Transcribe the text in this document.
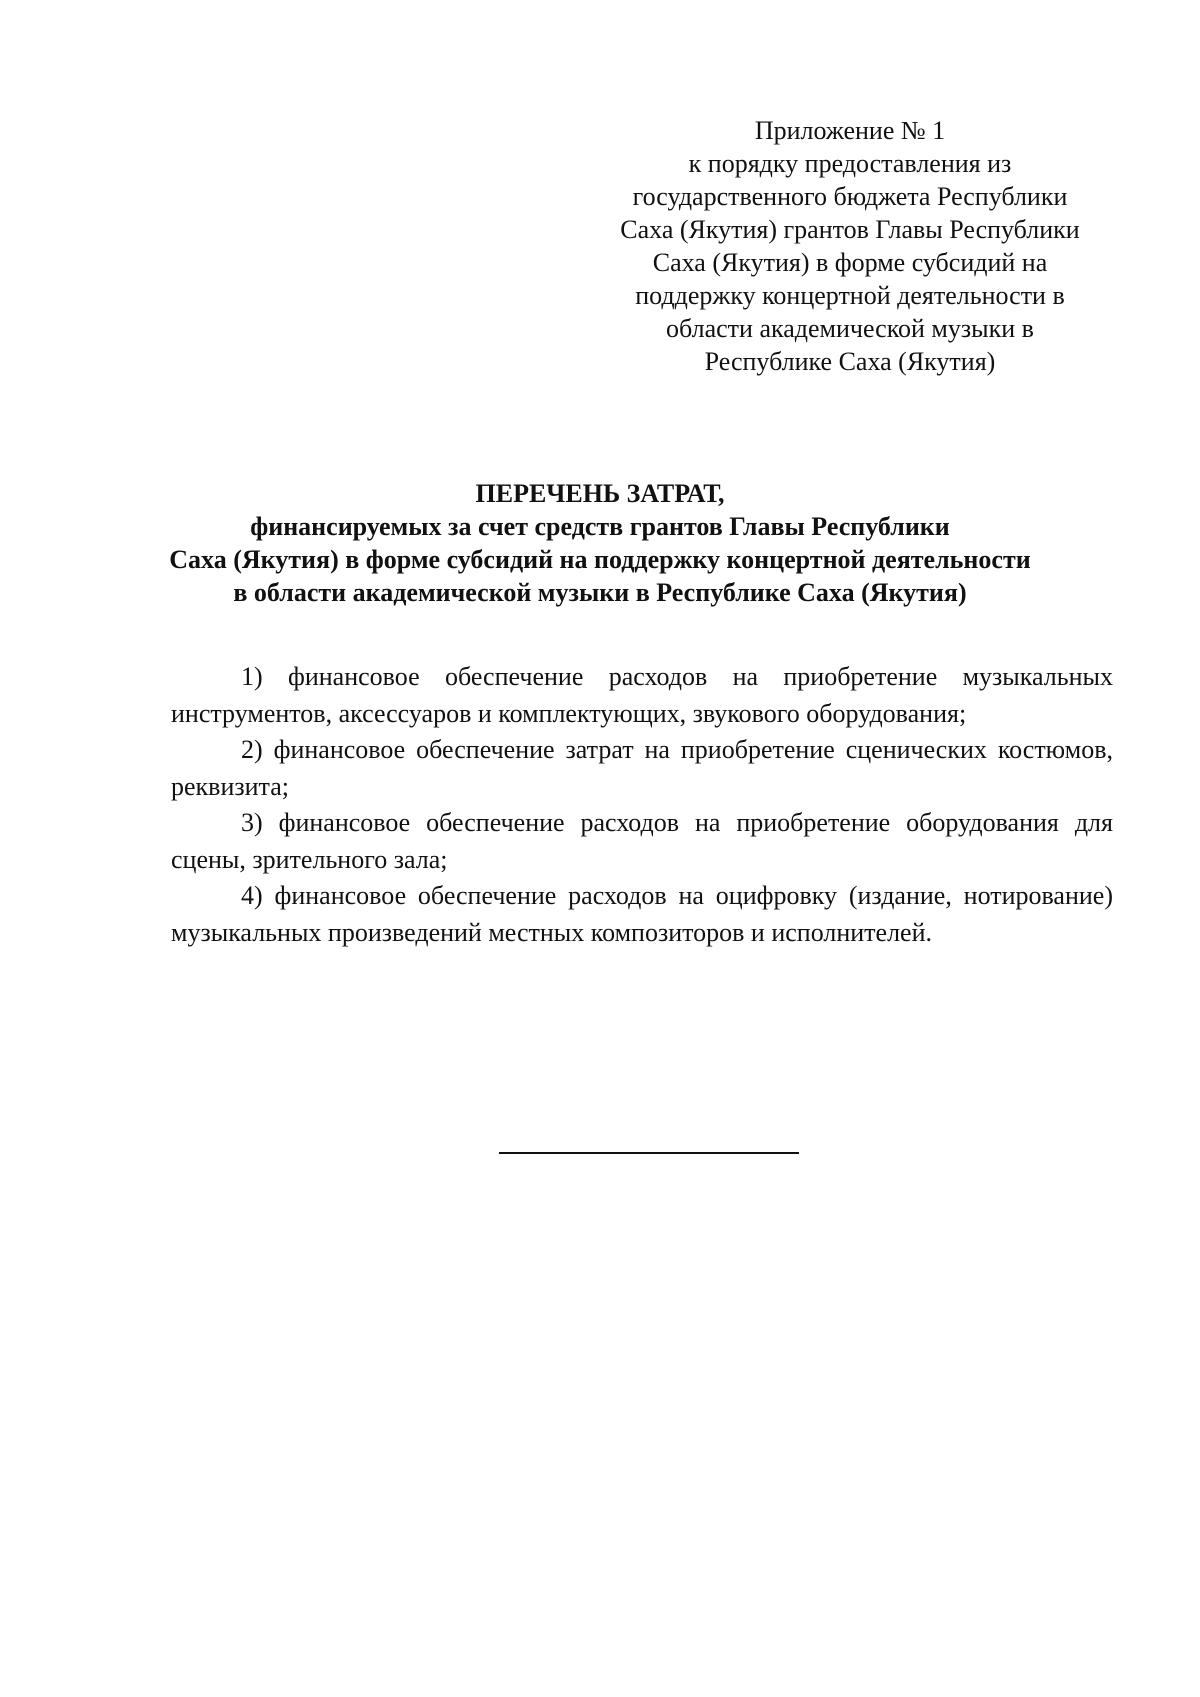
Приложение № 1
к порядку предоставления из
государственного бюджета Республики
Саха (Якутия) грантов Главы Республики
Саха (Якутия) в форме субсидий на
поддержку концертной деятельности в
области академической музыки в
Республике Саха (Якутия)
ПЕРЕЧЕНЬ ЗАТРАТ,
финансируемых за счет средств грантов Главы Республики
Саха (Якутия) в форме субсидий на поддержку концертной деятельности
в области академической музыки в Республике Саха (Якутия)

1) финансовое обеспечение расходов на приобретение музыкальных инструментов, аксессуаров и комплектующих, звукового оборудования;

2) финансовое обеспечение затрат на приобретение сценических костюмов, реквизита;

3) финансовое обеспечение расходов на приобретение оборудования для сцены, зрительного зала;

4) финансовое обеспечение расходов на оцифровку (издание, нотирование) музыкальных произведений местных композиторов и исполнителей.
